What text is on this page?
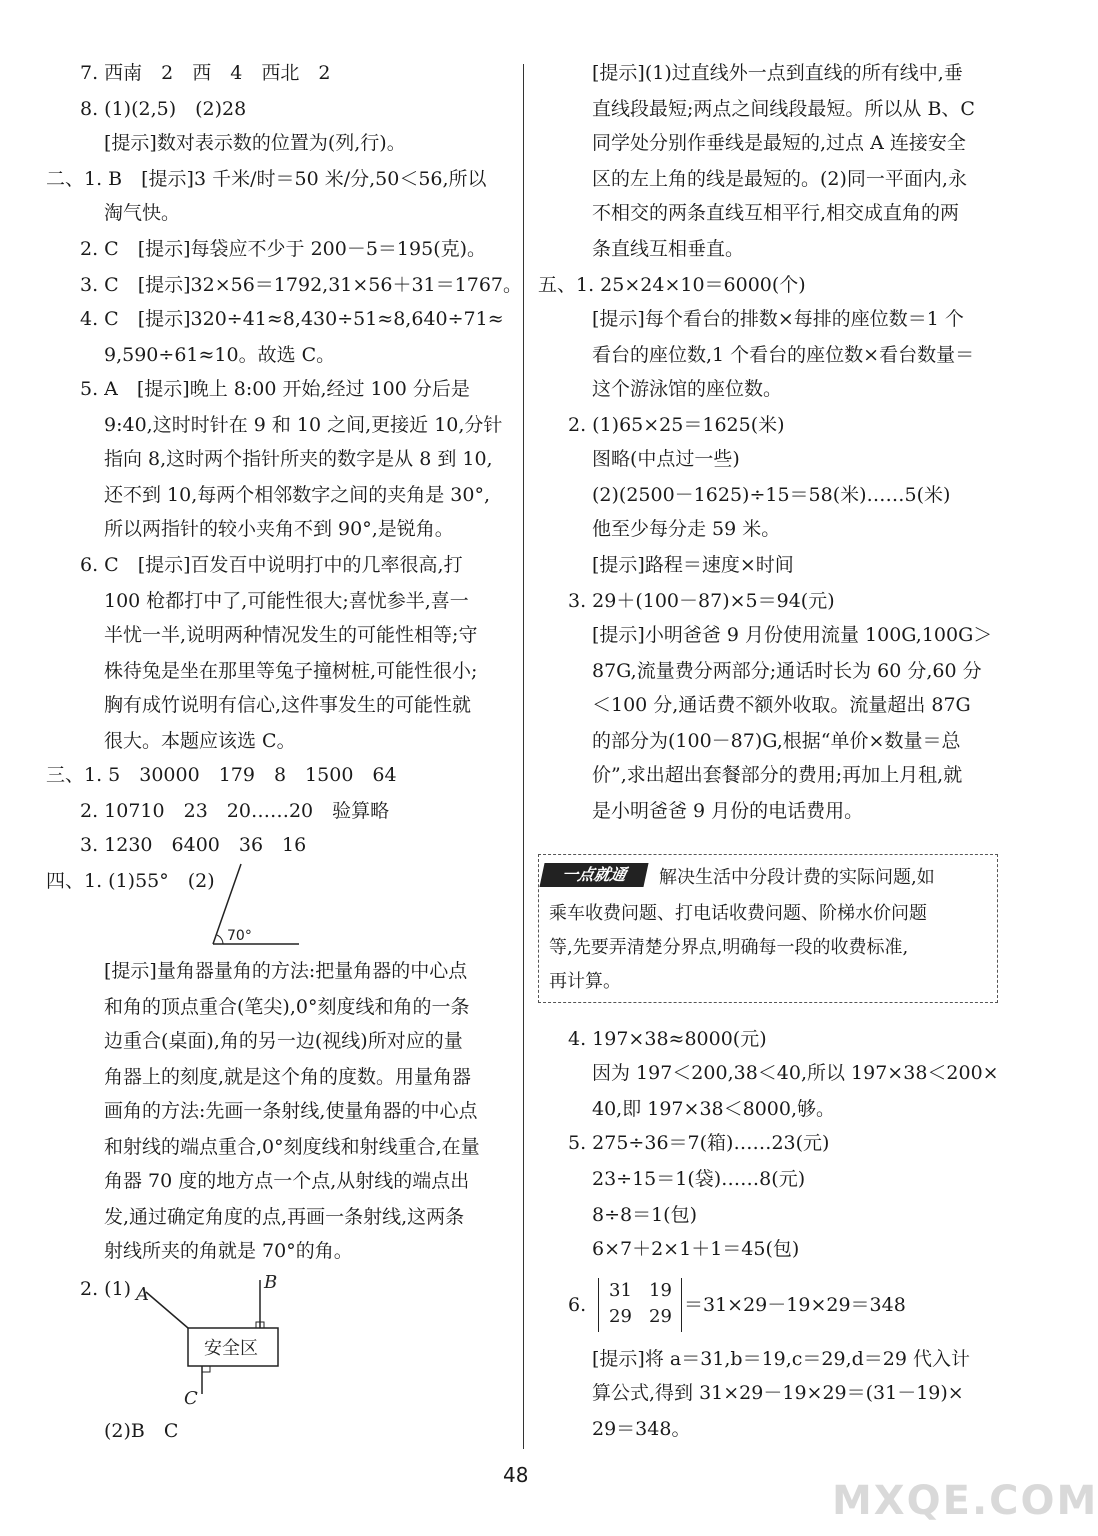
7. 西南　2　西　4　西北　2
8. (1)(2,5)　(2)28
[提示]数对表示数的位置为(列,行)。
二、1. B　[提示]3 千米/时＝50 米/分,50＜56,所以
淘气快。
2. C　[提示]每袋应不少于 200－5＝195(克)。
3. C　[提示]32×56＝1792,31×56＋31＝1767。
4. C　[提示]320÷41≈8,430÷51≈8,640÷71≈
9,590÷61≈10。故选 C。
5. A　[提示]晚上 8:00 开始,经过 100 分后是
9:40,这时时针在 9 和 10 之间,更接近 10,分针
指向 8,这时两个指针所夹的数字是从 8 到 10,
还不到 10,每两个相邻数字之间的夹角是 30°,
所以两指针的较小夹角不到 90°,是锐角。
6. C　[提示]百发百中说明打中的几率很高,打
100 枪都打中了,可能性很大;喜忧参半,喜一
半忧一半,说明两种情况发生的可能性相等;守
株待兔是坐在那里等兔子撞树桩,可能性很小;
胸有成竹说明有信心,这件事发生的可能性就
很大。本题应该选 C。
三、1. 5　30000　179　8　1500　64
2. 10710　23　20……20　验算略
3. 1230　6400　36　16
四、1. (1)55°　(2)
70°
[提示]量角器量角的方法:把量角器的中心点
和角的顶点重合(笔尖),0°刻度线和角的一条
边重合(桌面),角的另一边(视线)所对应的量
角器上的刻度,就是这个角的度数。用量角器
画角的方法:先画一条射线,使量角器的中心点
和射线的端点重合,0°刻度线和射线重合,在量
角器 70 度的地方点一个点,从射线的端点出
发,通过确定角度的点,再画一条射线,这两条
射线所夹的角就是 70°的角。
2. (1)
安全区
A
B
C
(2)B　C
[提示](1)过直线外一点到直线的所有线中,垂
直线段最短;两点之间线段最短。所以从 B、C
同学处分别作垂线是最短的,过点 A 连接安全
区的左上角的线是最短的。(2)同一平面内,永
不相交的两条直线互相平行,相交成直角的两
条直线互相垂直。
五、1. 25×24×10＝6000(个)
[提示]每个看台的排数×每排的座位数＝1 个
看台的座位数,1 个看台的座位数×看台数量＝
这个游泳馆的座位数。
2. (1)65×25＝1625(米)
图略(中点过一些)
(2)(2500－1625)÷15＝58(米)……5(米)
他至少每分走 59 米。
[提示]路程＝速度×时间
3. 29＋(100－87)×5＝94(元)
[提示]小明爸爸 9 月份使用流量 100G,100G＞
87G,流量费分两部分;通话时长为 60 分,60 分
＜100 分,通话费不额外收取。流量超出 87G
的部分为(100－87)G,根据“单价×数量＝总
价”,求出超出套餐部分的费用;再加上月租,就
是小明爸爸 9 月份的电话费用。
一点就通	解决生活中分段计费的实际问题,如
乘车收费问题、打电话收费问题、阶梯水价问题
等,先要弄清楚分界点,明确每一段的收费标准,
再计算。
4. 197×38≈8000(元)
因为 197＜200,38＜40,所以 197×38＜200×
40,即 197×38＜8000,够。
5. 275÷36＝7(箱)……23(元)
23÷15＝1(袋)……8(元)
8÷8＝1(包)
6×7＋2×1＋1＝45(包)
6.
31 19
29 29
＝31×29－19×29＝348
[提示]将 a＝31,b＝19,c＝29,d＝29 代入计
算公式,得到 31×29－19×29＝(31－19)×
29＝348。
48
MXQE.COM
